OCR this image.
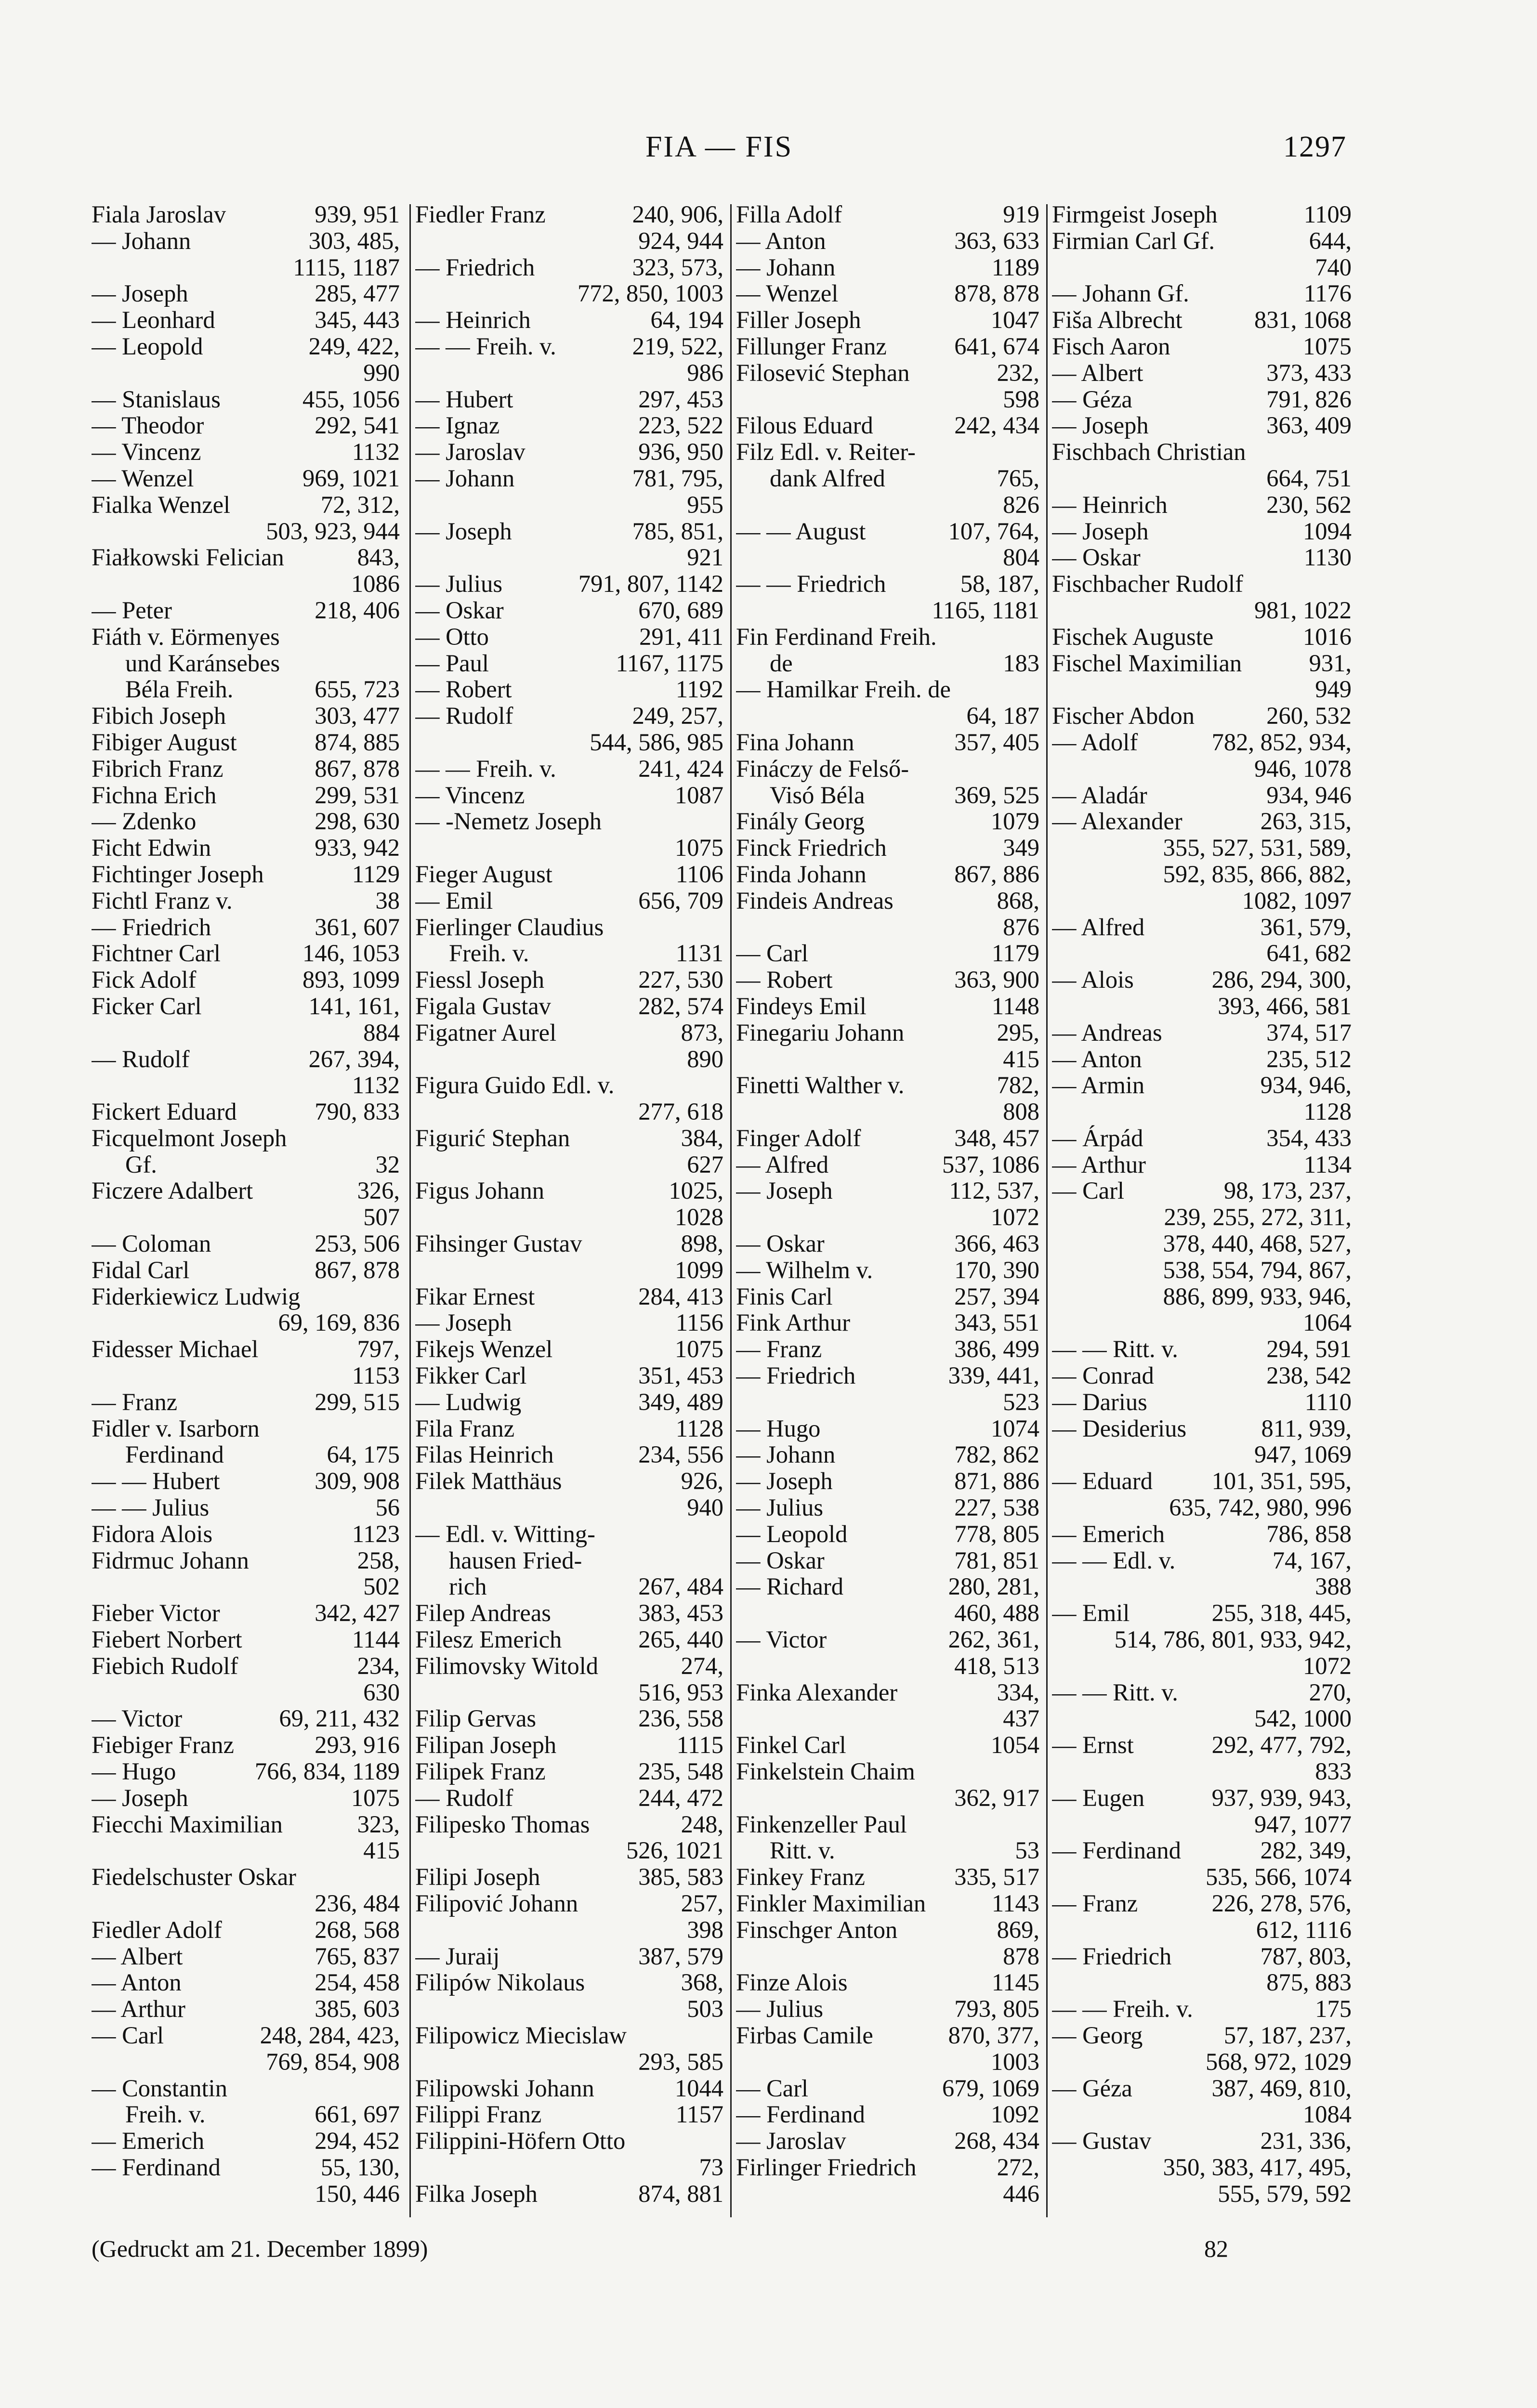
FIA — FIS	1297
Fiala Jaroslav	939, 951
— Johann	303, 485,
1115, 1187
— Joseph	285, 477
— Leonhard	345, 443
— Leopold	249, 422,
990
— Stanislaus	455, 1056
— Theodor	292, 541
— Vincenz	1132
— Wenzel	969, 1021
Fialka Wenzel	72, 312,
503, 923, 944
Fiałkowski Felician	843,
1086
— Peter	218, 406
Fiáth v. Eörmenyes
und Karánsebes
Béla Freih.	655, 723
Fibich Joseph	303, 477
Fibiger August	874, 885
Fibrich Franz	867, 878
Fichna Erich	299, 531
— Zdenko	298, 630
Ficht Edwin	933, 942
Fichtinger Joseph	1129
Fichtl Franz v.	38
— Friedrich	361, 607
Fichtner Carl	146, 1053
Fick Adolf	893, 1099
Ficker Carl	141, 161,
884
— Rudolf	267, 394,
1132
Fickert Eduard	790, 833
Ficquelmont Joseph
Gf.	32
Ficzere Adalbert	326,
507
— Coloman	253, 506
Fidal Carl	867, 878
Fiderkiewicz Ludwig
69, 169, 836
Fidesser Michael	797,
1153
— Franz	299, 515
Fidler v. Isarborn
Ferdinand	64, 175
— — Hubert	309, 908
— — Julius	56
Fidora Alois	1123
Fidrmuc Johann	258,
502
Fieber Victor	342, 427
Fiebert Norbert	1144
Fiebich Rudolf	234,
630
— Victor	69, 211, 432
Fiebiger Franz	293, 916
— Hugo	766, 834, 1189
— Joseph	1075
Fiecchi Maximilian	323,
415
Fiedelschuster Oskar
236, 484
Fiedler Adolf	268, 568
— Albert	765, 837
— Anton	254, 458
— Arthur	385, 603
— Carl	248, 284, 423,
769, 854, 908
— Constantin
Freih. v.	661, 697
— Emerich	294, 452
— Ferdinand	55, 130,
150, 446
Fiedler Franz	240, 906,
924, 944
— Friedrich	323, 573,
772, 850, 1003
— Heinrich	64, 194
— — Freih. v.	219, 522,
986
— Hubert	297, 453
— Ignaz	223, 522
— Jaroslav	936, 950
— Johann	781, 795,
955
— Joseph	785, 851,
921
— Julius	791, 807, 1142
— Oskar	670, 689
— Otto	291, 411
— Paul	1167, 1175
— Robert	1192
— Rudolf	249, 257,
544, 586, 985
— — Freih. v.	241, 424
— Vincenz	1087
— -Nemetz Joseph
1075
Fieger August	1106
— Emil	656, 709
Fierlinger Claudius
Freih. v.	1131
Fiessl Joseph	227, 530
Figala Gustav	282, 574
Figatner Aurel	873,
890
Figura Guido Edl. v.
277, 618
Figurić Stephan	384,
627
Figus Johann	1025,
1028
Fihsinger Gustav	898,
1099
Fikar Ernest	284, 413
— Joseph	1156
Fikejs Wenzel	1075
Fikker Carl	351, 453
— Ludwig	349, 489
Fila Franz	1128
Filas Heinrich	234, 556
Filek Matthäus	926,
940
— Edl. v. Witting-
hausen Fried-
rich	267, 484
Filep Andreas	383, 453
Filesz Emerich	265, 440
Filimovsky Witold	274,
516, 953
Filip Gervas	236, 558
Filipan Joseph	1115
Filipek Franz	235, 548
— Rudolf	244, 472
Filipesko Thomas	248,
526, 1021
Filipi Joseph	385, 583
Filipović Johann	257,
398
— Juraij	387, 579
Filipów Nikolaus	368,
503
Filipowicz Miecislaw
293, 585
Filipowski Johann	1044
Filippi Franz	1157
Filippini-Höfern Otto
73
Filka Joseph	874, 881
Filla Adolf	919
— Anton	363, 633
— Johann	1189
— Wenzel	878, 878
Filler Joseph	1047
Fillunger Franz	641, 674
Filosević Stephan	232,
598
Filous Eduard	242, 434
Filz Edl. v. Reiter-
dank Alfred	765,
826
— — August	107, 764,
804
— — Friedrich	58, 187,
1165, 1181
Fin Ferdinand Freih.
de	183
— Hamilkar Freih. de
64, 187
Fina Johann	357, 405
Fináczy de Felső-
Visó Béla	369, 525
Finály Georg	1079
Finck Friedrich	349
Finda Johann	867, 886
Findeis Andreas	868,
876
— Carl	1179
— Robert	363, 900
Findeys Emil	1148
Finegariu Johann	295,
415
Finetti Walther v.	782,
808
Finger Adolf	348, 457
— Alfred	537, 1086
— Joseph	112, 537,
1072
— Oskar	366, 463
— Wilhelm v.	170, 390
Finis Carl	257, 394
Fink Arthur	343, 551
— Franz	386, 499
— Friedrich	339, 441,
523
— Hugo	1074
— Johann	782, 862
— Joseph	871, 886
— Julius	227, 538
— Leopold	778, 805
— Oskar	781, 851
— Richard	280, 281,
460, 488
— Victor	262, 361,
418, 513
Finka Alexander	334,
437
Finkel Carl	1054
Finkelstein Chaim
362, 917
Finkenzeller Paul
Ritt. v.	53
Finkey Franz	335, 517
Finkler Maximilian	1143
Finschger Anton	869,
878
Finze Alois	1145
— Julius	793, 805
Firbas Camile	870, 377,
1003
— Carl	679, 1069
— Ferdinand	1092
— Jaroslav	268, 434
Firlinger Friedrich	272,
446
Firmgeist Joseph	1109
Firmian Carl Gf.	644,
740
— Johann Gf.	1176
Fiša Albrecht	831, 1068
Fisch Aaron	1075
— Albert	373, 433
— Géza	791, 826
— Joseph	363, 409
Fischbach Christian
664, 751
— Heinrich	230, 562
— Joseph	1094
— Oskar	1130
Fischbacher Rudolf
981, 1022
Fischek Auguste	1016
Fischel Maximilian	931,
949
Fischer Abdon	260, 532
— Adolf	782, 852, 934,
946, 1078
— Aladár	934, 946
— Alexander	263, 315,
355, 527, 531, 589,
592, 835, 866, 882,
1082, 1097
— Alfred	361, 579,
641, 682
— Alois	286, 294, 300,
393, 466, 581
— Andreas	374, 517
— Anton	235, 512
— Armin	934, 946,
1128
— Árpád	354, 433
— Arthur	1134
— Carl	98, 173, 237,
239, 255, 272, 311,
378, 440, 468, 527,
538, 554, 794, 867,
886, 899, 933, 946,
1064
— — Ritt. v.	294, 591
— Conrad	238, 542
— Darius	1110
— Desiderius	811, 939,
947, 1069
— Eduard 101, 351, 595,
635, 742, 980, 996
— Emerich	786, 858
— — Edl. v.	74, 167,
388
— Emil	255, 318, 445,
514, 786, 801, 933, 942,
1072
— — Ritt. v.	270,
542, 1000
— Ernst	292, 477, 792,
833
— Eugen	937, 939, 943,
947, 1077
— Ferdinand	282, 349,
535, 566, 1074
— Franz	226, 278, 576,
612, 1116
— Friedrich	787, 803,
875, 883
— — Freih. v.	175
— Georg	57, 187, 237,
568, 972, 1029
— Géza	387, 469, 810,
1084
— Gustav	231, 336,
350, 383, 417, 495,
555, 579, 592
(Gedruckt am 21. December 1899)	82
